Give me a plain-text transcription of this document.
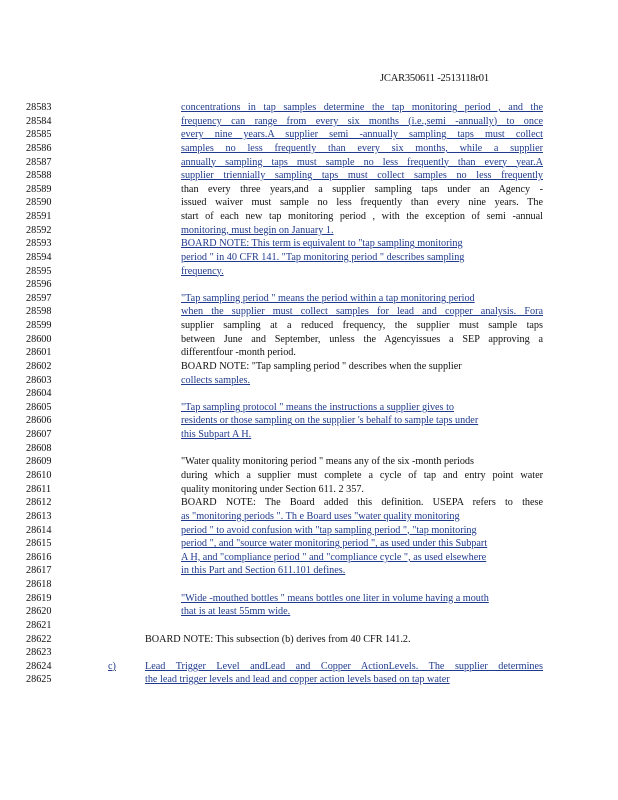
JCAR350611 -2513118r01
28583	concentrations in tap samples determine the tap monitoring period , and the
28584	frequency can range from every six months (i.e.,semi -annually) to once
28585	every nine years.A supplier semi -annually sampling taps must collect
28586	samples no less frequently than every six months, while a supplier
28587	annually sampling taps must sample no less frequently than every year.A
28588	supplier triennially sampling taps must collect samples no less frequently
28589	than every three years,and a supplier sampling taps under an Agency -
28590	issued waiver must sample no less frequently than every nine years. The
28591	start of each new tap monitoring period , with the exception of semi -annual
28592	monitoring, must begin on January 1.
28593	BOARD NOTE: This term is equivalent to "tap sampling monitoring
28594	period " in 40 CFR 141. "Tap monitoring period " describes sampling
28595	frequency.
28596
28597	"Tap sampling period " means the period within a tap monitoring period
28598	when the supplier must collect samples for lead and copper analysis. Fora
28599	supplier sampling at a reduced frequency, the supplier must sample taps
28600	between June and September, unless the Agencyissues a SEP approving a
28601	differentfour -month period.
28602	BOARD NOTE: "Tap sampling period " describes when the supplier
28603	collects samples.
28604
28605	"Tap sampling protocol " means the instructions a supplier gives to
28606	residents or those sampling on the supplier 's behalf to sample taps under
28607	this Subpart A H.
28608
28609	"Water quality monitoring period " means any of the six -month periods
28610	during which a supplier must complete a cycle of tap and entry point water
28611	quality monitoring under Section 611. 2 357.
28612	BOARD NOTE: The Board added this definition. USEPA refers to these
28613	as "monitoring periods ". Th e Board uses "water quality monitoring
28614	period " to avoid confusion with "tap sampling period ", "tap monitoring
28615	period ", and "source water monitoring period ", as used under this Subpart
28616	A H, and "compliance period " and "compliance cycle ", as used elsewhere
28617	in this Part and Section 611.101 defines.
28618
28619	"Wide -mouthed bottles " means bottles one liter in volume having a mouth
28620	that is at least 55mm wide.
28621
28622	BOARD NOTE: This subsection (b) derives from 40 CFR 141.2.
28623
28624	c)	Lead Trigger Level andLead and Copper ActionLevels. The supplier determines
28625	the lead trigger levels and lead and copper action levels based on tap water
